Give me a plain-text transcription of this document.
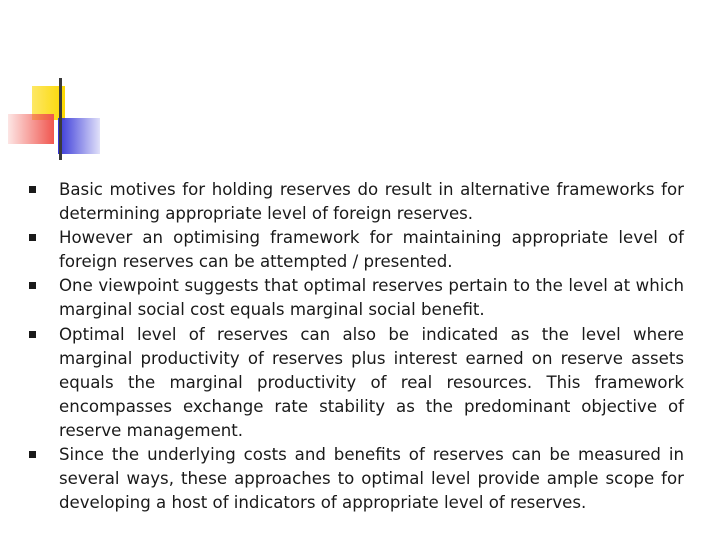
Basic motives for holding reserves do result in alternative frameworks for determining appropriate level of foreign reserves.
However an optimising framework for maintaining appropriate level of foreign reserves can be attempted / presented.
One viewpoint suggests that optimal reserves pertain to the level at which marginal social cost equals marginal social benefit.
Optimal level of reserves can also be indicated as the level where marginal productivity of reserves plus interest earned on reserve assets equals the marginal productivity of real resources. This framework encompasses exchange rate stability as the predominant objective of reserve management.
Since the underlying costs and benefits of reserves can be measured in several ways, these approaches to optimal level provide ample scope for developing a host of indicators of appropriate level of reserves.
